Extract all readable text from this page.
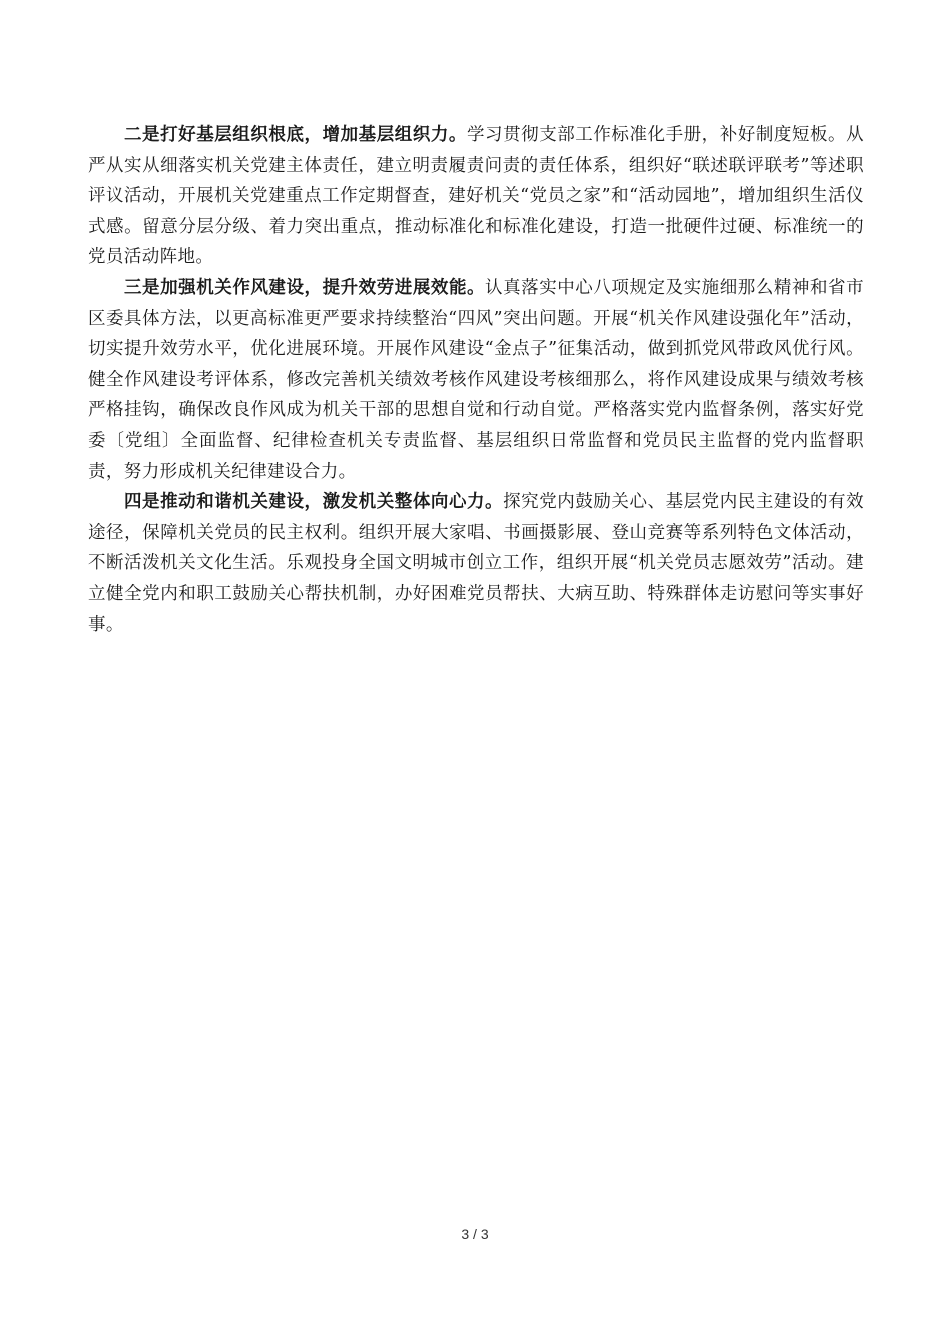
二是打好基层组织根底，增加基层组织力。学习贯彻支部工作标准化手册，补好制度短板。从严从实从细落实机关党建主体责任，建立明责履责问责的责任体系，组织好“联述联评联考”等述职评议活动，开展机关党建重点工作定期督查，建好机关“党员之家”和“活动园地”，增加组织生活仪式感。留意分层分级、着力突出重点，推动标准化和标准化建设，打造一批硬件过硬、标准统一的党员活动阵地。

三是加强机关作风建设，提升效劳进展效能。认真落实中心八项规定及实施细那么精神和省市区委具体方法，以更高标准更严要求持续整治“四风”突出问题。开展“机关作风建设强化年”活动，切实提升效劳水平，优化进展环境。开展作风建设“金点子”征集活动，做到抓党风带政风优行风。健全作风建设考评体系，修改完善机关绩效考核作风建设考核细那么，将作风建设成果与绩效考核严格挂钩，确保改良作风成为机关干部的思想自觉和行动自觉。严格落实党内监督条例，落实好党委〔党组〕全面监督、纪律检查机关专责监督、基层组织日常监督和党员民主监督的党内监督职责，努力形成机关纪律建设合力。

四是推动和谐机关建设，激发机关整体向心力。探究党内鼓励关心、基层党内民主建设的有效途径，保障机关党员的民主权利。组织开展大家唱、书画摄影展、登山竞赛等系列特色文体活动，不断活泼机关文化生活。乐观投身全国文明城市创立工作，组织开展“机关党员志愿效劳”活动。建立健全党内和职工鼓励关心帮扶机制，办好困难党员帮扶、大病互助、特殊群体走访慰问等实事好事。

3 / 3
